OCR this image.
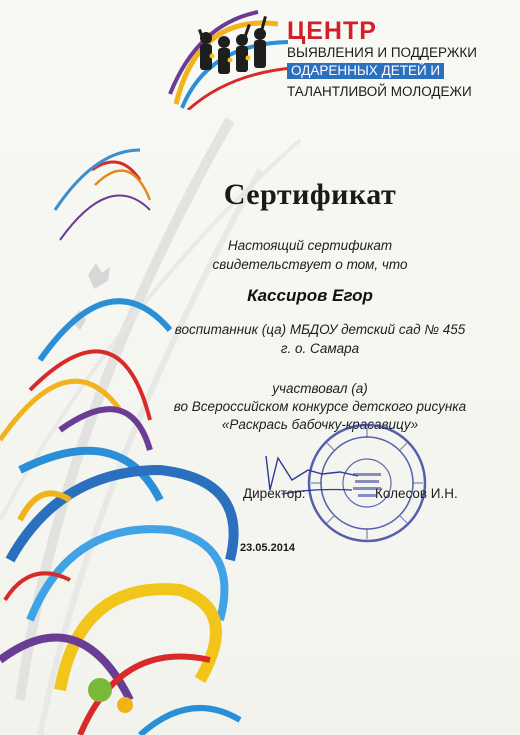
ЦЕНТР
ВЫЯВЛЕНИЯ И ПОДДЕРЖКИ
ОДАРЕННЫХ ДЕТЕЙ И
ТАЛАНТЛИВОЙ МОЛОДЕЖИ
Сертификат
Настоящий сертификат
свидетельствует о том, что
Кассиров Егор
воспитанник (ца) МБДОУ детский сад № 455
г. о. Самара
участвовал (а)
во Всероссийском конкурсе детского рисунка
«Раскрась бабочку-красавицу»
Директор:	Колесов И.Н.
23.05.2014
